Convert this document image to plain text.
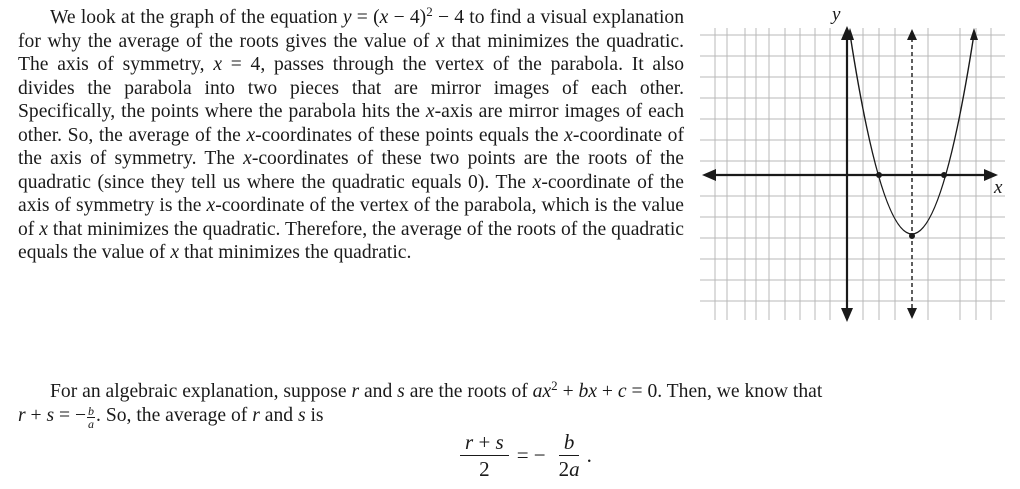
We look at the graph of the equation $y = (x - 4)^2 - 4$ to find a visual explanation for why the average of the roots gives the value of x that minimizes the quadratic. The axis of symmetry, x = 4, passes through the vertex of the parabola. It also divides the parabola into two pieces that are mirror images of each other. Specifically, the points where the parabola hits the x-axis are mirror images of each other. So, the average of the x-coordinates of these points equals the x-coordinate of the axis of symmetry. The x-coordinates of these two points are the roots of the quadratic (since they tell us where the quadratic equals 0). The x-coordinate of the axis of symmetry is the x-coordinate of the vertex of the parabola, which is the value of x that minimizes the quadratic. Therefore, the average of the roots of the quadratic equals the value of x that minimizes the quadratic.
x
y
For an algebraic explanation, suppose r and s are the roots of $ax^2$ + bx + c = 0. Then, we know that
r + s = − $\frac{b}{a}$ . So, the average of r and s is
$\frac{r + s}{2}$ = − $\frac{b}{2a}$ .
